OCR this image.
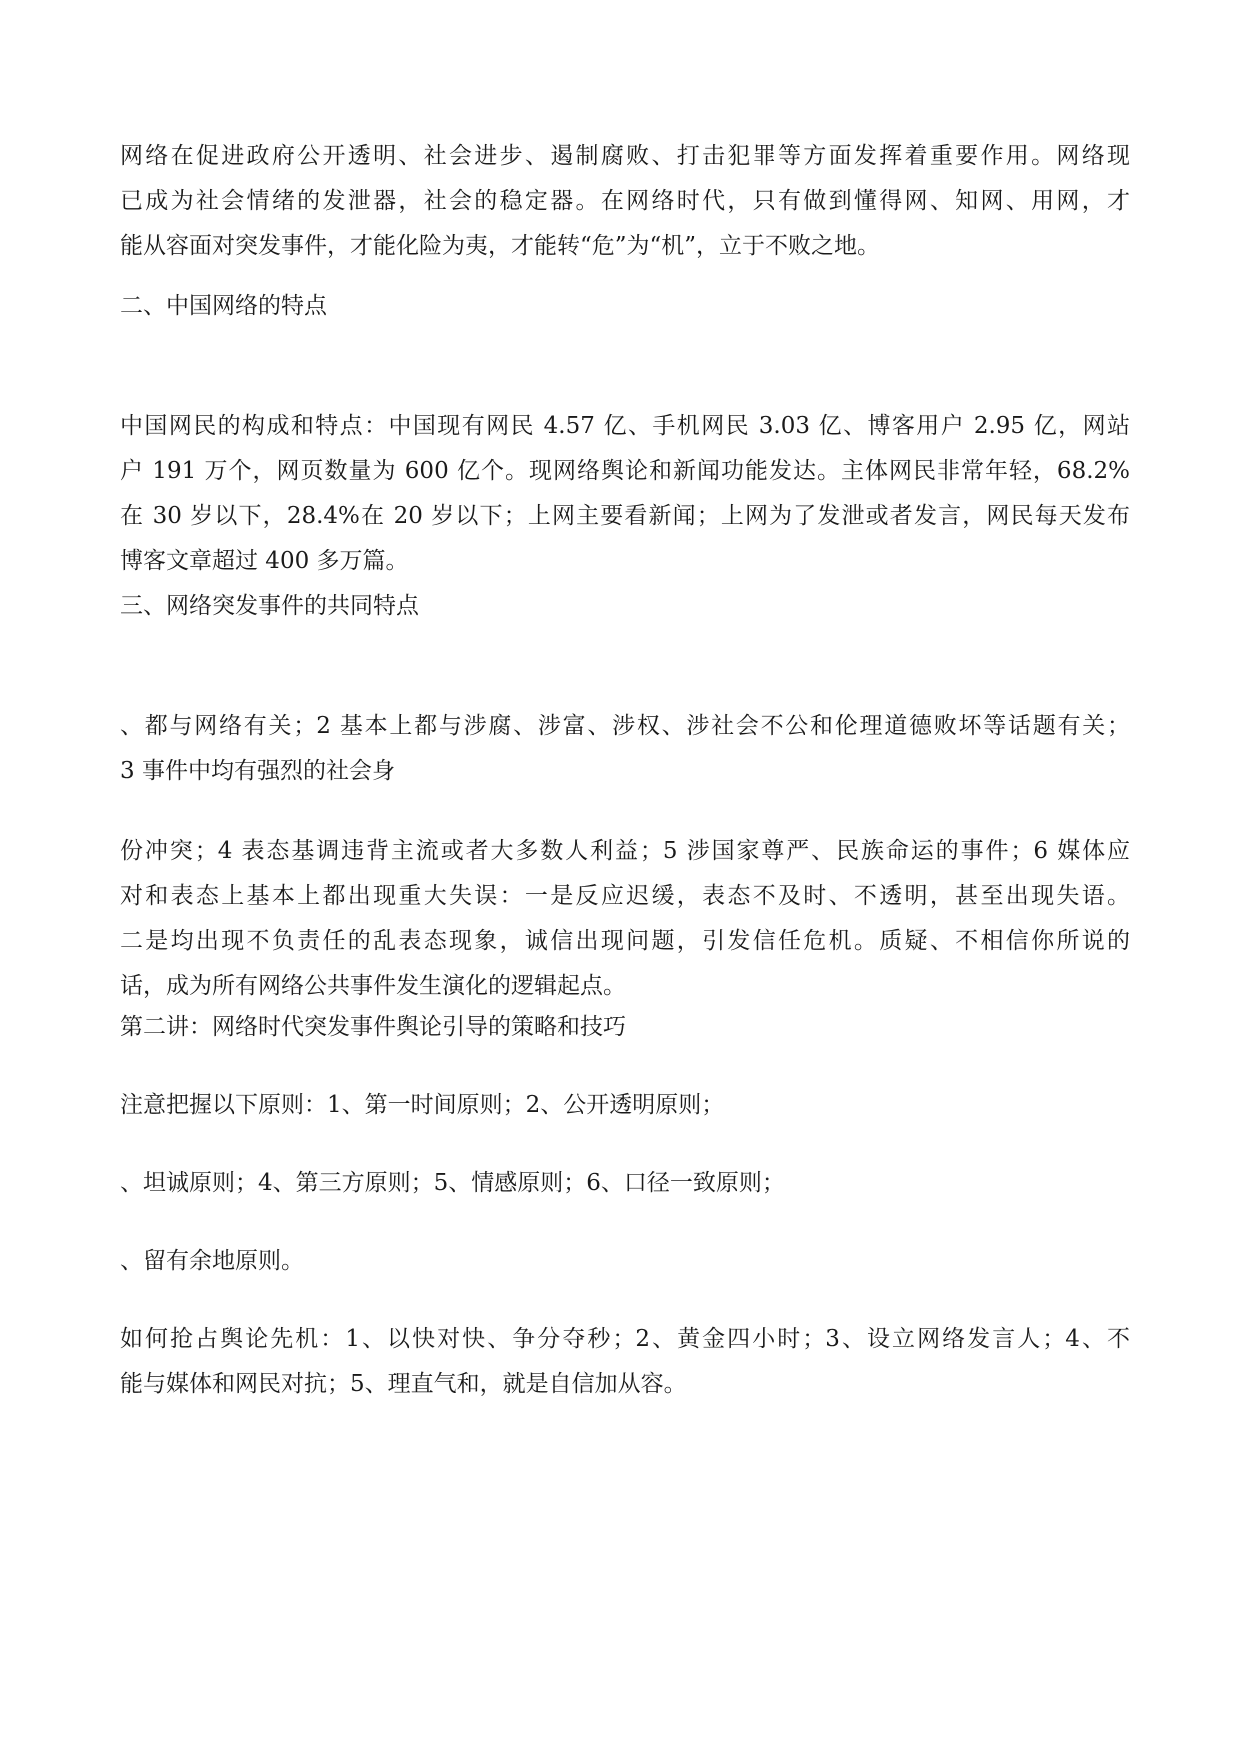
网络在促进政府公开透明、社会进步、遏制腐败、打击犯罪等方面发挥着重要作用。网络现
已成为社会情绪的发泄器，社会的稳定器。在网络时代，只有做到懂得网、知网、用网，才
能从容面对突发事件，才能化险为夷，才能转“危”为“机”，立于不败之地。
二、中国网络的特点
中国网民的构成和特点：中国现有网民 4.57 亿、手机网民 3.03 亿、博客用户 2.95 亿，网站
户 191 万个，网页数量为 600 亿个。现网络舆论和新闻功能发达。主体网民非常年轻，68.2%
在 30 岁以下，28.4%在 20 岁以下；上网主要看新闻；上网为了发泄或者发言，网民每天发布
博客文章超过 400 多万篇。
三、网络突发事件的共同特点
、都与网络有关；2 基本上都与涉腐、涉富、涉权、涉社会不公和伦理道德败坏等话题有关；
3 事件中均有强烈的社会身
份冲突；4 表态基调违背主流或者大多数人利益；5 涉国家尊严、民族命运的事件；6 媒体应
对和表态上基本上都出现重大失误：一是反应迟缓，表态不及时、不透明，甚至出现失语。
二是均出现不负责任的乱表态现象，诚信出现问题，引发信任危机。质疑、不相信你所说的
话，成为所有网络公共事件发生演化的逻辑起点。
第二讲：网络时代突发事件舆论引导的策略和技巧
注意把握以下原则：1、第一时间原则；2、公开透明原则；
、坦诚原则；4、第三方原则；5、情感原则；6、口径一致原则；
、留有余地原则。
如何抢占舆论先机：1、以快对快、争分夺秒；2、黄金四小时；3、设立网络发言人；4、不
能与媒体和网民对抗；5、理直气和，就是自信加从容。
